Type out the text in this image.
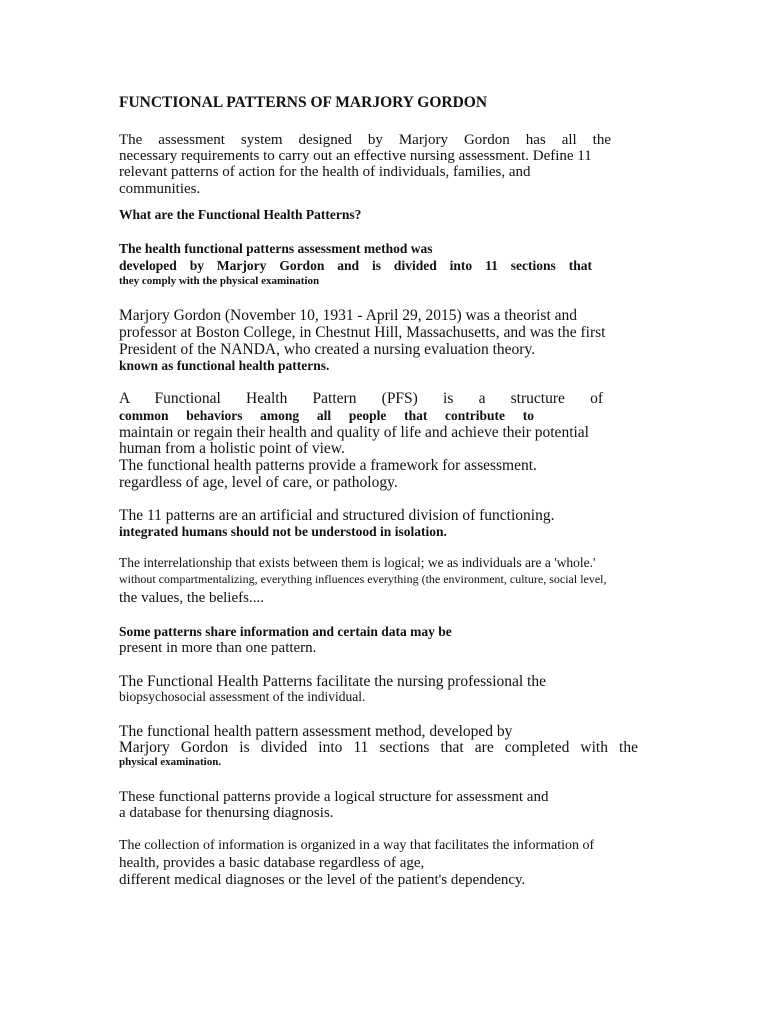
FUNCTIONAL PATTERNS OF MARJORY GORDON
The assessment system designed by Marjory Gordon has all the
necessary requirements to carry out an effective nursing assessment. Define 11
relevant patterns of action for the health of individuals, families, and
communities.
What are the Functional Health Patterns?
The health functional patterns assessment method was
developed by Marjory Gordon and is divided into 11 sections that
they comply with the physical examination
Marjory Gordon (November 10, 1931 - April 29, 2015) was a theorist and
professor at Boston College, in Chestnut Hill, Massachusetts, and was the first
President of the NANDA, who created a nursing evaluation theory.
known as functional health patterns.
A Functional Health Pattern (PFS) is a structure of
common behaviors among all people that contribute to
maintain or regain their health and quality of life and achieve their potential
human from a holistic point of view.
The functional health patterns provide a framework for assessment.
regardless of age, level of care, or pathology.
The 11 patterns are an artificial and structured division of functioning.
integrated humans should not be understood in isolation.
The interrelationship that exists between them is logical; we as individuals are a 'whole.'
without compartmentalizing, everything influences everything (the environment, culture, social level,
the values, the beliefs....
Some patterns share information and certain data may be
present in more than one pattern.
The Functional Health Patterns facilitate the nursing professional the
biopsychosocial assessment of the individual.
The functional health pattern assessment method, developed by
Marjory Gordon is divided into 11 sections that are completed with the
physical examination.
These functional patterns provide a logical structure for assessment and
a database for thenursing diagnosis.
The collection of information is organized in a way that facilitates the information of
health, provides a basic database regardless of age,
different medical diagnoses or the level of the patient's dependency.
